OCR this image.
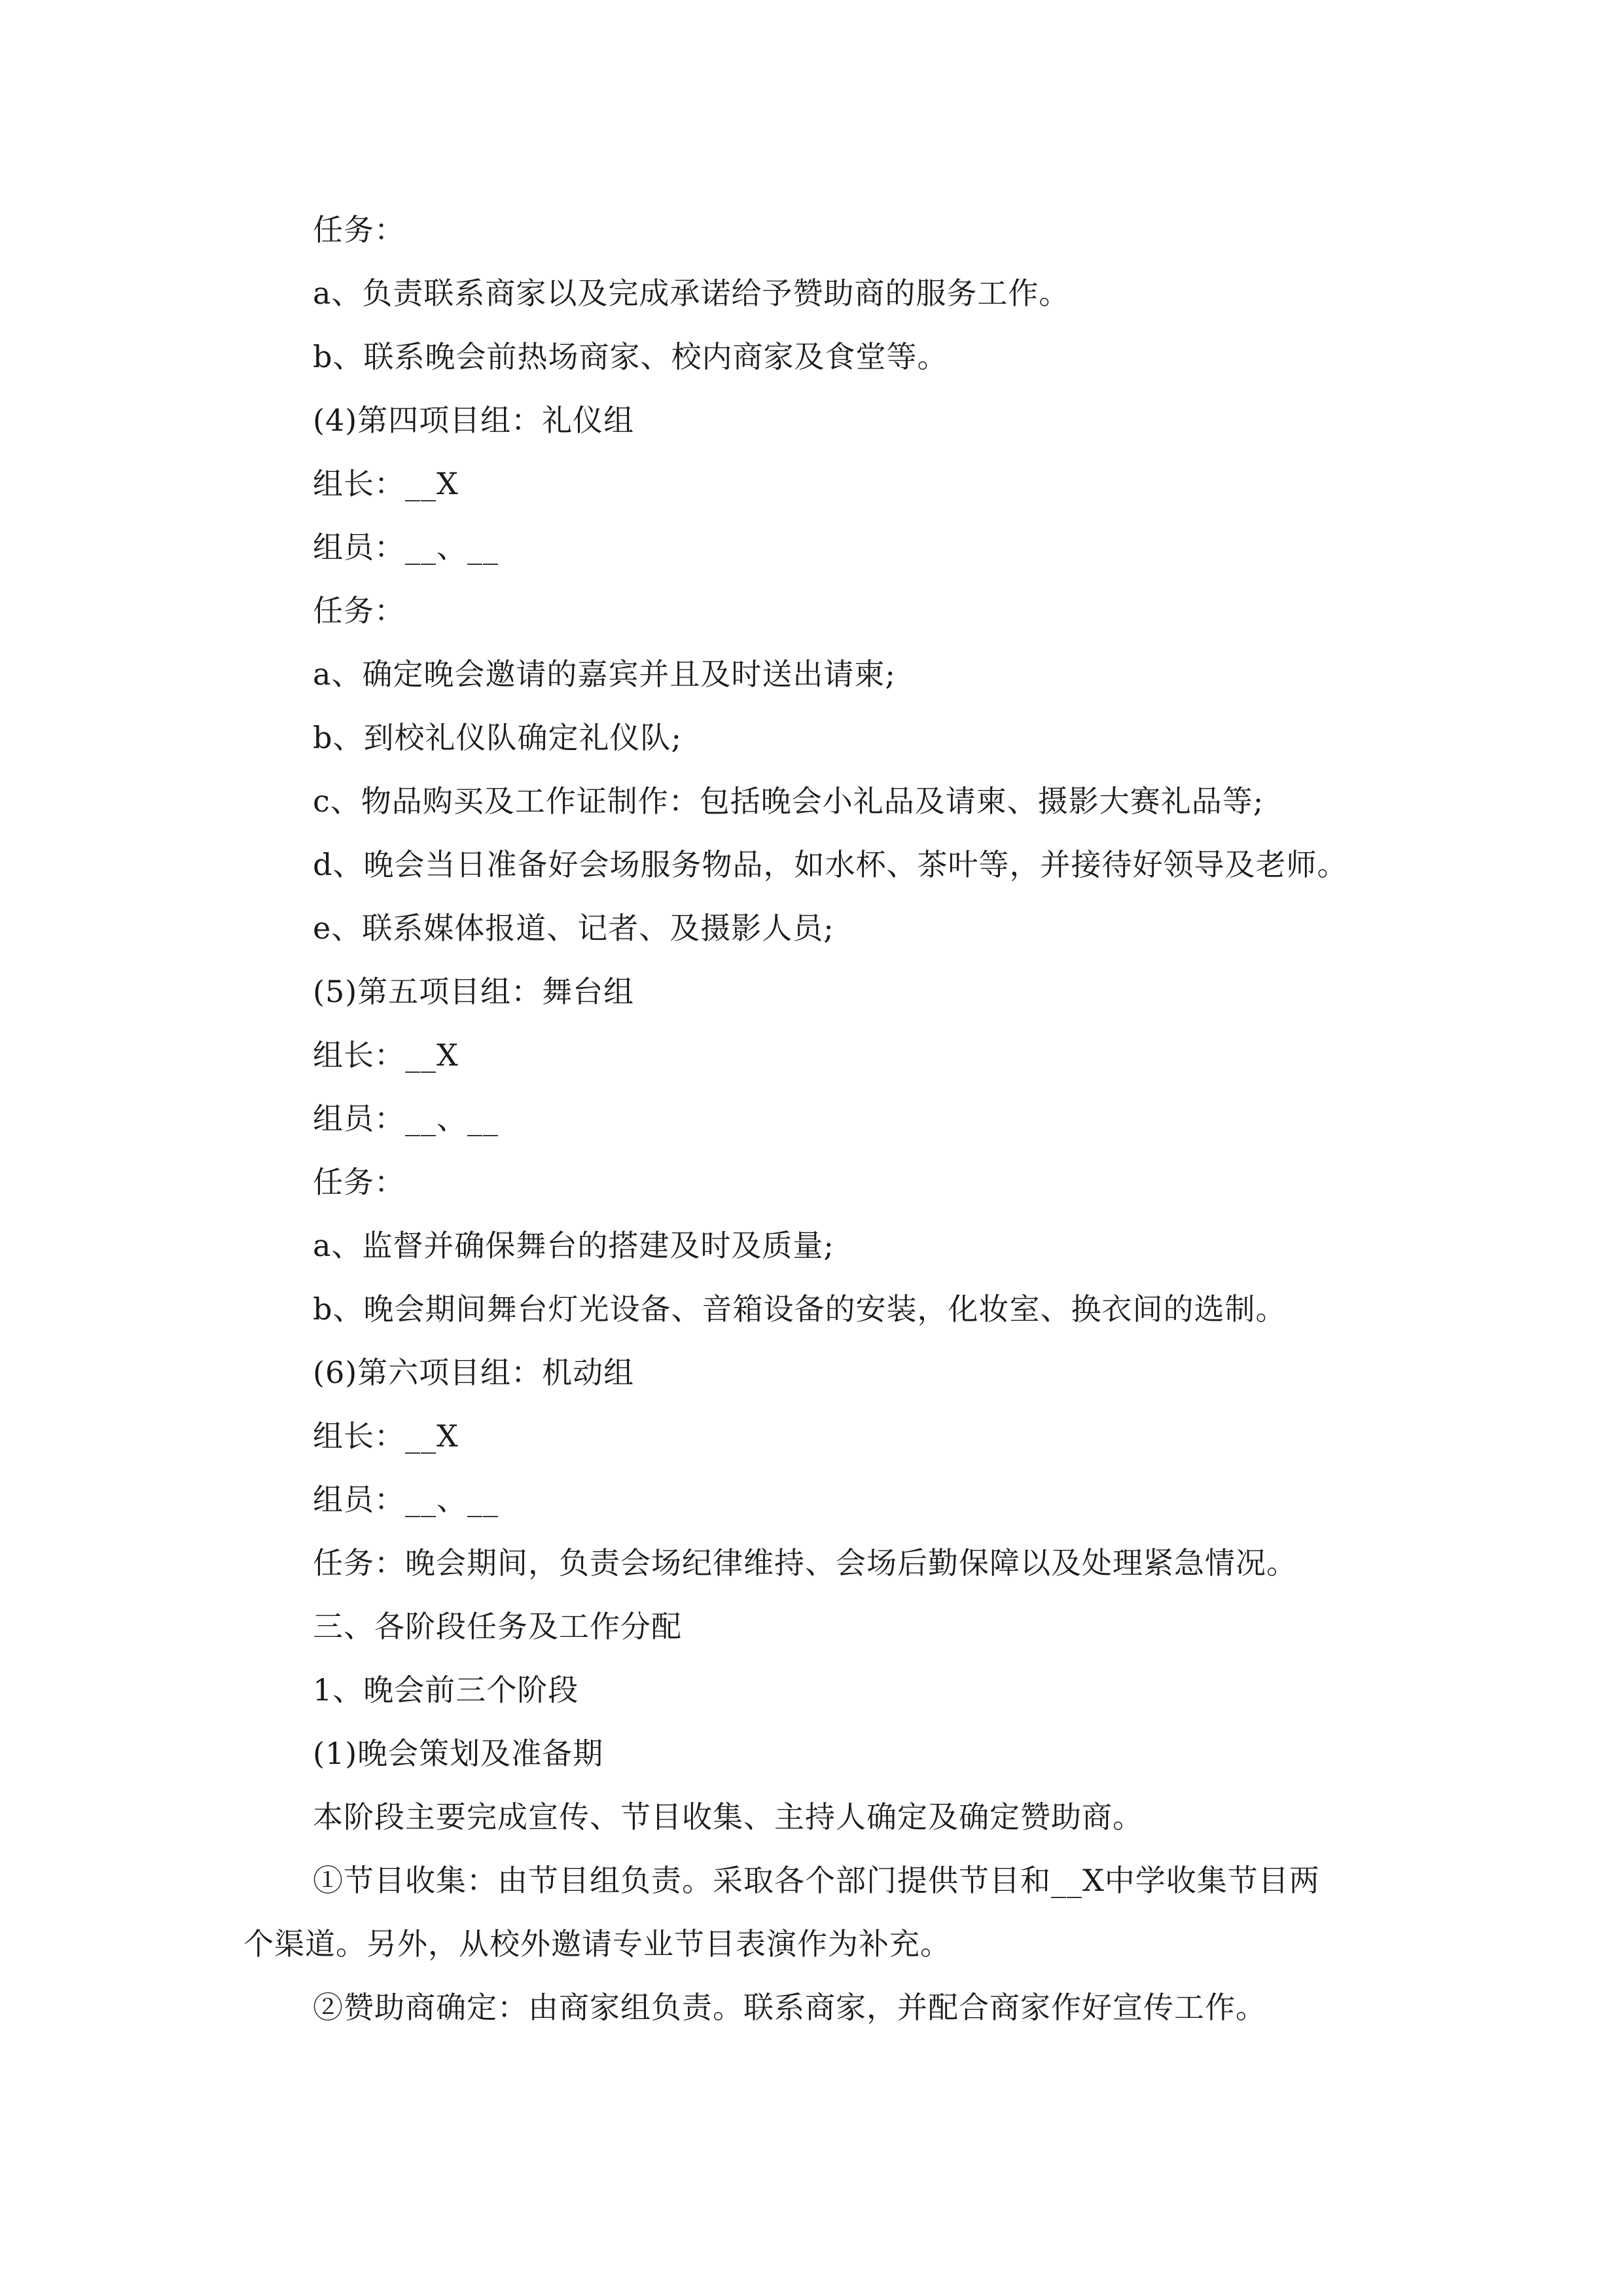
任务：
a、负责联系商家以及完成承诺给予赞助商的服务工作。
b、联系晚会前热场商家、校内商家及食堂等。
(4)第四项目组：礼仪组
组长：__X
组员：__、__
任务：
a、确定晚会邀请的嘉宾并且及时送出请柬;
b、到校礼仪队确定礼仪队;
c、物品购买及工作证制作：包括晚会小礼品及请柬、摄影大赛礼品等;
d、晚会当日准备好会场服务物品，如水杯、茶叶等，并接待好领导及老师。
e、联系媒体报道、记者、及摄影人员;
(5)第五项目组：舞台组
组长：__X
组员：__、__
任务：
a、监督并确保舞台的搭建及时及质量;
b、晚会期间舞台灯光设备、音箱设备的安装，化妆室、换衣间的选制。
(6)第六项目组：机动组
组长：__X
组员：__、__
任务：晚会期间，负责会场纪律维持、会场后勤保障以及处理紧急情况。
三、各阶段任务及工作分配
1、晚会前三个阶段
(1)晚会策划及准备期
本阶段主要完成宣传、节目收集、主持人确定及确定赞助商。
①节目收集：由节目组负责。采取各个部门提供节目和__X中学收集节目两
个渠道。另外，从校外邀请专业节目表演作为补充。
②赞助商确定：由商家组负责。联系商家，并配合商家作好宣传工作。
